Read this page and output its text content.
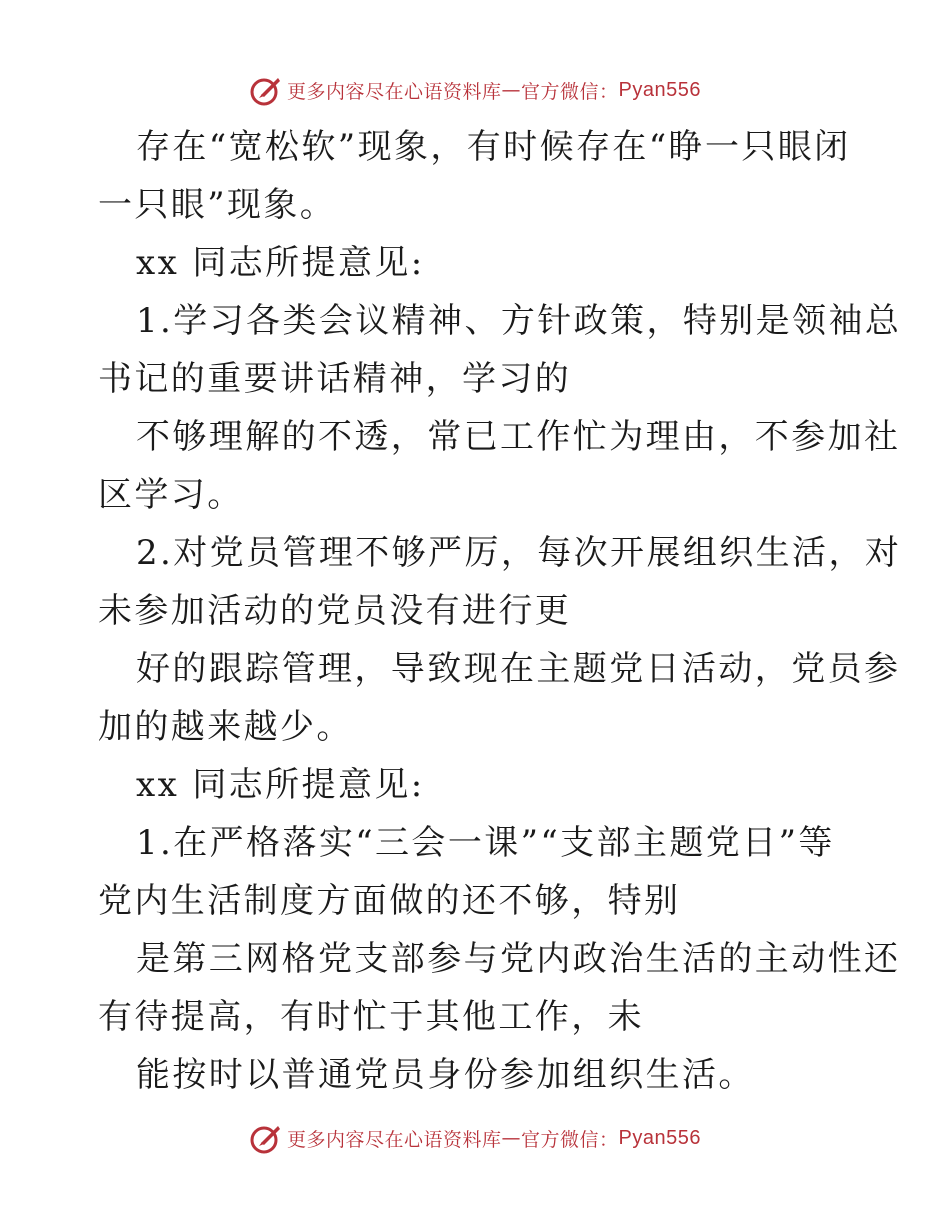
更多内容尽在心语资料库 — 官方微信： Pyan556
存在“宽松软”现象，有时候存在“睁一只眼闭
一只眼”现象。
xx 同志所提意见:
1.学习各类会议精神、方针政策，特别是领袖总
书记的重要讲话精神，学习的
不够理解的不透，常已工作忙为理由，不参加社
区学习。
2.对党员管理不够严厉，每次开展组织生活，对
未参加活动的党员没有进行更
好的跟踪管理，导致现在主题党日活动，党员参
加的越来越少。
xx 同志所提意见:
1.在严格落实“三会一课”“支部主题党日”等
党内生活制度方面做的还不够，特别
是第三网格党支部参与党内政治生活的主动性还
有待提高，有时忙于其他工作，未
能按时以普通党员身份参加组织生活。
更多内容尽在心语资料库 — 官方微信： Pyan556
